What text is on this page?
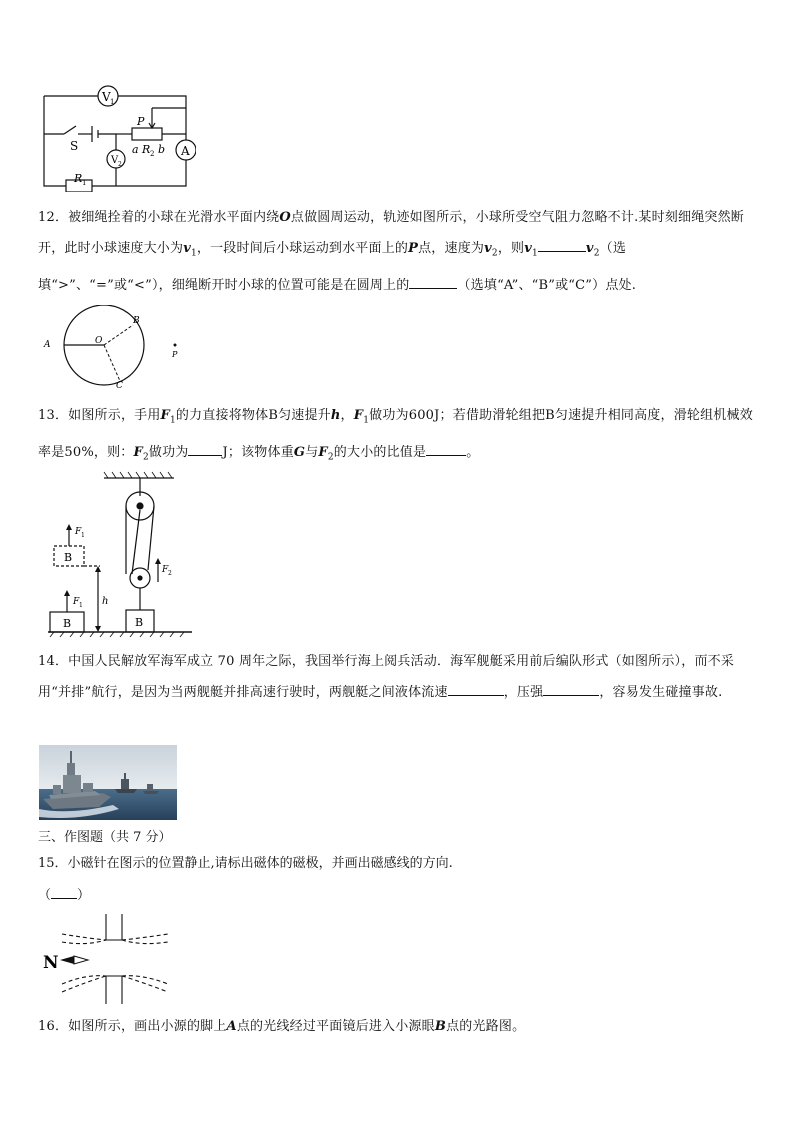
V 1
V 2
A
S
R 1
P
a R 2 b
12．被细绳拴着的小球在光滑水平面内绕O点做圆周运动，轨迹如图所示，小球所受空气阻力忽略不计.某时刻细绳突然断开，此时小球速度大小为$v_1$，一段时间后小球运动到水平面上的P点，速度为$v_2$，则$v_1$	$v_2$（选填“>”、“=”或“<”），细绳断开时小球的位置可能是在圆周上的	（选填“A”、“B”或“C”）点处.
A
B
C
O
P
13．如图所示，手用$F_1$的力直接将物体B匀速提升h，$F_1$做功为600J；若借助滑轮组把B匀速提升相同高度，滑轮组机械效率是50%，则：$F_2$做功为	J；该物体重G与$F_2$的大小的比值是	。
F 2
F 1
F 1
B	B
B
h
14．中国人民解放军海军成立 70 周年之际，我国举行海上阅兵活动．海军舰艇采用前后编队形式（如图所示），而不采用“并排”航行，是因为当两舰艇并排高速行驶时，两舰艇之间液体流速	，压强	，容易发生碰撞事故.
三、作图题（共 7 分）
15．小磁针在图示的位置静止,请标出磁体的磁极，并画出磁感线的方向.
（ ）
N
16．如图所示，画出小源的脚上A点的光线经过平面镜后进入小源眼B点的光路图。
